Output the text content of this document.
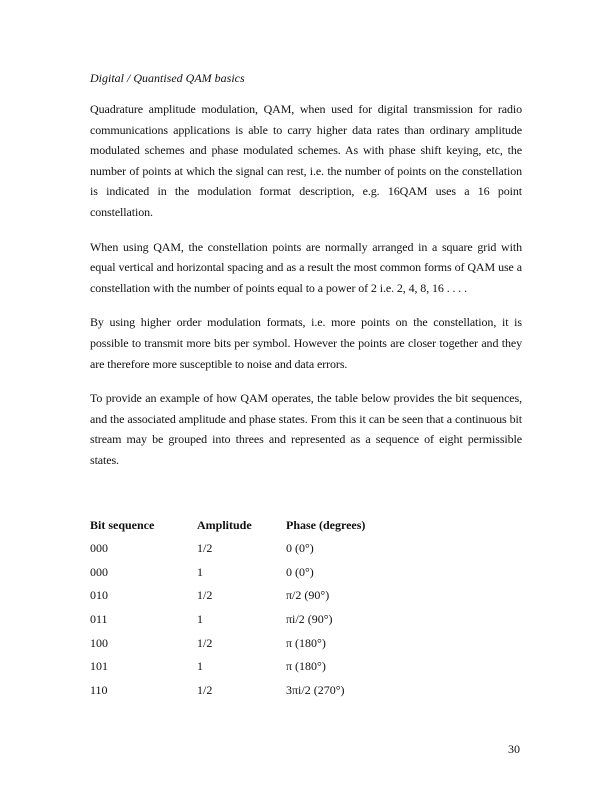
Digital / Quantised QAM basics

Quadrature amplitude modulation, QAM, when used for digital transmission for radio communications applications is able to carry higher data rates than ordinary amplitude modulated schemes and phase modulated schemes. As with phase shift keying, etc, the number of points at which the signal can rest, i.e. the number of points on the constellation is indicated in the modulation format description, e.g. 16QAM uses a 16 point constellation.

When using QAM, the constellation points are normally arranged in a square grid with equal vertical and horizontal spacing and as a result the most common forms of QAM use a constellation with the number of points equal to a power of 2 i.e. 2, 4, 8, 16 . . . .

By using higher order modulation formats, i.e. more points on the constellation, it is possible to transmit more bits per symbol. However the points are closer together and they are therefore more susceptible to noise and data errors.

To provide an example of how QAM operates, the table below provides the bit sequences, and the associated amplitude and phase states. From this it can be seen that a continuous bit stream may be grouped into threes and represented as a sequence of eight permissible states.

Bit sequence	Amplitude	Phase (degrees)
000	1/2	0 (0°)
000	1	0 (0°)
010	1/2	π/2 (90°)
011	1	πi/2 (90°)
100	1/2	π (180°)
101	1	π (180°)
110	1/2	3πi/2 (270°)
30
